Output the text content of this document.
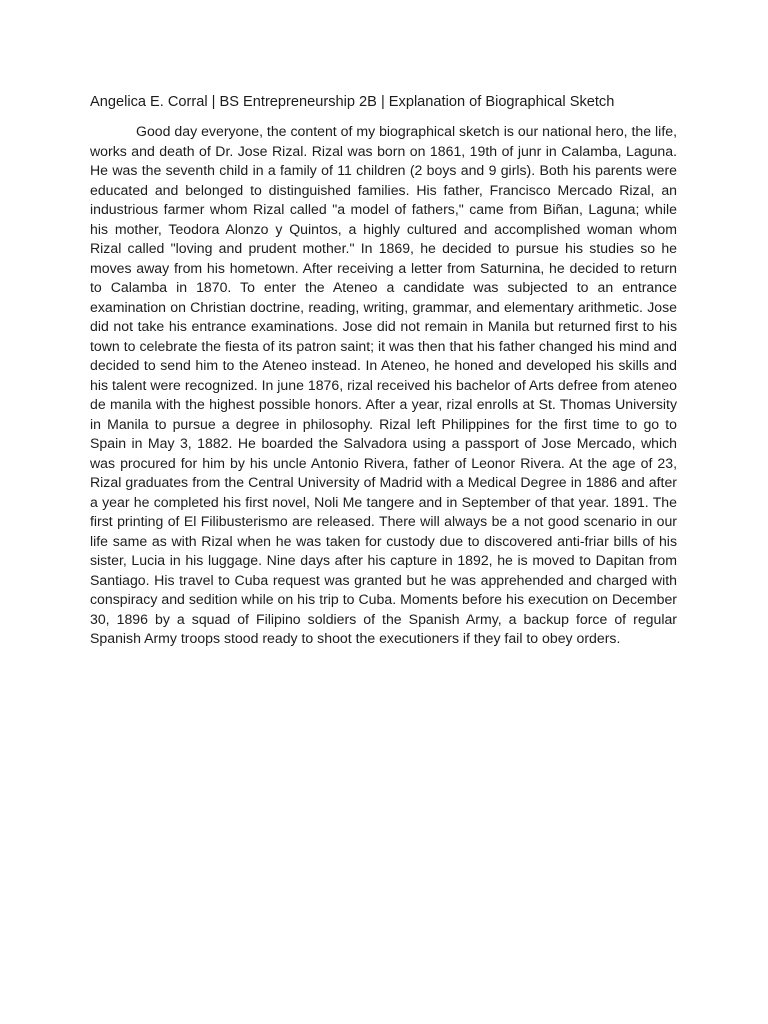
Angelica E. Corral | BS Entrepreneurship 2B | Explanation of Biographical Sketch

Good day everyone, the content of my biographical sketch is our national hero, the life, works and death of Dr. Jose Rizal. Rizal was born on 1861, 19th of junr in Calamba, Laguna. He was the seventh child in a family of 11 children (2 boys and 9 girls). Both his parents were educated and belonged to distinguished families. His father, Francisco Mercado Rizal, an industrious farmer whom Rizal called "a model of fathers," came from Biñan, Laguna; while his mother, Teodora Alonzo y Quintos, a highly cultured and accomplished woman whom Rizal called "loving and prudent mother." In 1869, he decided to pursue his studies so he moves away from his hometown. After receiving a letter from Saturnina, he decided to return to Calamba in 1870. To enter the Ateneo a candidate was subjected to an entrance examination on Christian doctrine, reading, writing, grammar, and elementary arithmetic. Jose did not take his entrance examinations. Jose did not remain in Manila but returned first to his town to celebrate the fiesta of its patron saint; it was then that his father changed his mind and decided to send him to the Ateneo instead. In Ateneo, he honed and developed his skills and his talent were recognized. In june 1876, rizal received his bachelor of Arts defree from ateneo de manila with the highest possible honors. After a year, rizal enrolls at St. Thomas University in Manila to pursue a degree in philosophy. Rizal left Philippines for the first time to go to Spain in May 3, 1882. He boarded the Salvadora using a passport of Jose Mercado, which was procured for him by his uncle Antonio Rivera, father of Leonor Rivera. At the age of 23, Rizal graduates from the Central University of Madrid with a Medical Degree in 1886 and after a year he completed his first novel, Noli Me tangere and in September of that year. 1891. The first printing of El Filibusterismo are released. There will always be a not good scenario in our life same as with Rizal when he was taken for custody due to discovered anti-friar bills of his sister, Lucia in his luggage. Nine days after his capture in 1892, he is moved to Dapitan from Santiago. His travel to Cuba request was granted but he was apprehended and charged with conspiracy and sedition while on his trip to Cuba. Moments before his execution on December 30, 1896 by a squad of Filipino soldiers of the Spanish Army, a backup force of regular Spanish Army troops stood ready to shoot the executioners if they fail to obey orders.
